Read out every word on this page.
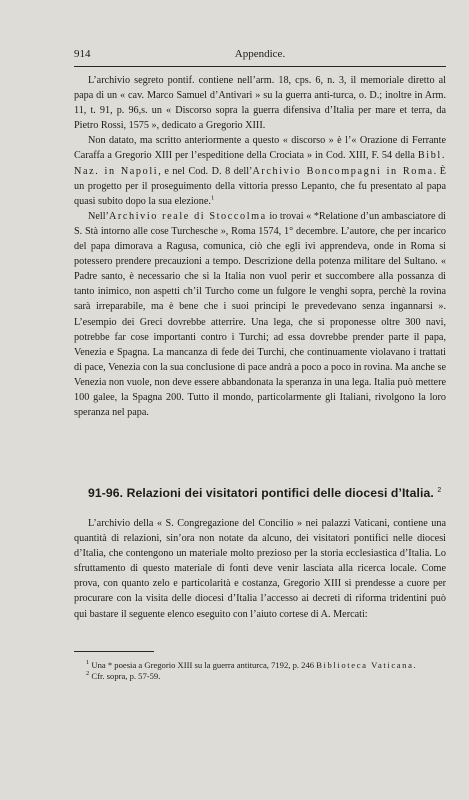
914	Appendice.

L’archivio segreto pontif. contiene nell’arm. 18, cps. 6, n. 3, il memoriale diretto al papa di un « cav. Marco Samuel d’Antivari » su la guerra anti-turca, o. D.; inoltre in Arm. 11, t. 91, p. 96,s. un « Discorso sopra la guerra difensiva d’Italia per mare et terra, da Pietro Rossi, 1575 », dedicato a Gregorio XIII.

Non datato, ma scritto anteriormente a questo « discorso » è l’« Orazione di Ferrante Caraffa a Gregorio XIII per l’espeditione della Crociata » in Cod. XIII, F. 54 della Bibl. Naz. in Napoli, e nel Cod. D. 8 dell’Archivio Boncompagni in Roma. È un progetto per il proseguimento della vittoria presso Lepanto, che fu presentato al papa quasi subito dopo la sua elezione.$^1$

Nell’Archivio reale di Stoccolma io trovai « *Relatione d’un ambasciatore di S. Stà intorno alle cose Turchesche », Roma 1574, 1° decembre. L’autore, che per incarico del papa dimorava a Ragusa, comunica, ciò che egli ivi apprendeva, onde in Roma si potessero prendere precauzioni a tempo. Descrizione della potenza militare del Sultano. « Padre santo, è necessario che si la Italia non vuol perir et succombere alla possanza di tanto inimico, non aspetti ch’il Turcho come un fulgore le venghi sopra, perchè la rovina sarà irreparabile, ma è bene che i suoi principi le prevedevano senza ingannarsi ». L’esempio dei Greci dovrebbe atterrire. Una lega, che si proponesse oltre 300 navi, potrebbe far cose importanti contro i Turchi; ad essa dovrebbe prender parte il papa, Venezia e Spagna. La mancanza di fede dei Turchi, che continuamente violavano i trattati di pace, Venezia con la sua conclusione di pace andrà a poco a poco in rovina. Ma anche se Venezia non vuole, non deve essere abbandonata la speranza in una lega. Italia può mettere 100 galee, la Spagna 200. Tutto il mondo, particolarmente gli Italiani, rivolgono la loro speranza nel papa.

91-96. Relazioni dei visitatori pontifici delle diocesi d’Italia. $^2$

L’archivio della « S. Congregazione del Concilio » nei palazzi Vaticani, contiene una quantità di relazioni, sin’ora non notate da alcuno, dei visitatori pontifici nelle diocesi d’Italia, che contengono un materiale molto prezioso per la storia ecclesiastica d’Italia. Lo sfruttamento di questo materiale di fonti deve venir lasciata alla ricerca locale. Come prova, con quanto zelo e particolarità e costanza, Gregorio XIII si prendesse a cuore per procurare con la visita delle diocesi d’Italia l’accesso ai decreti di riforma tridentini può qui bastare il seguente elenco eseguito con l’aiuto cortese di A. Mercati:

$^1$ Una * poesia a Gregorio XIII su la guerra antiturca, 7192, p. 246 Biblioteca Vaticana.
$^2$ Cfr. sopra, p. 57-59.
